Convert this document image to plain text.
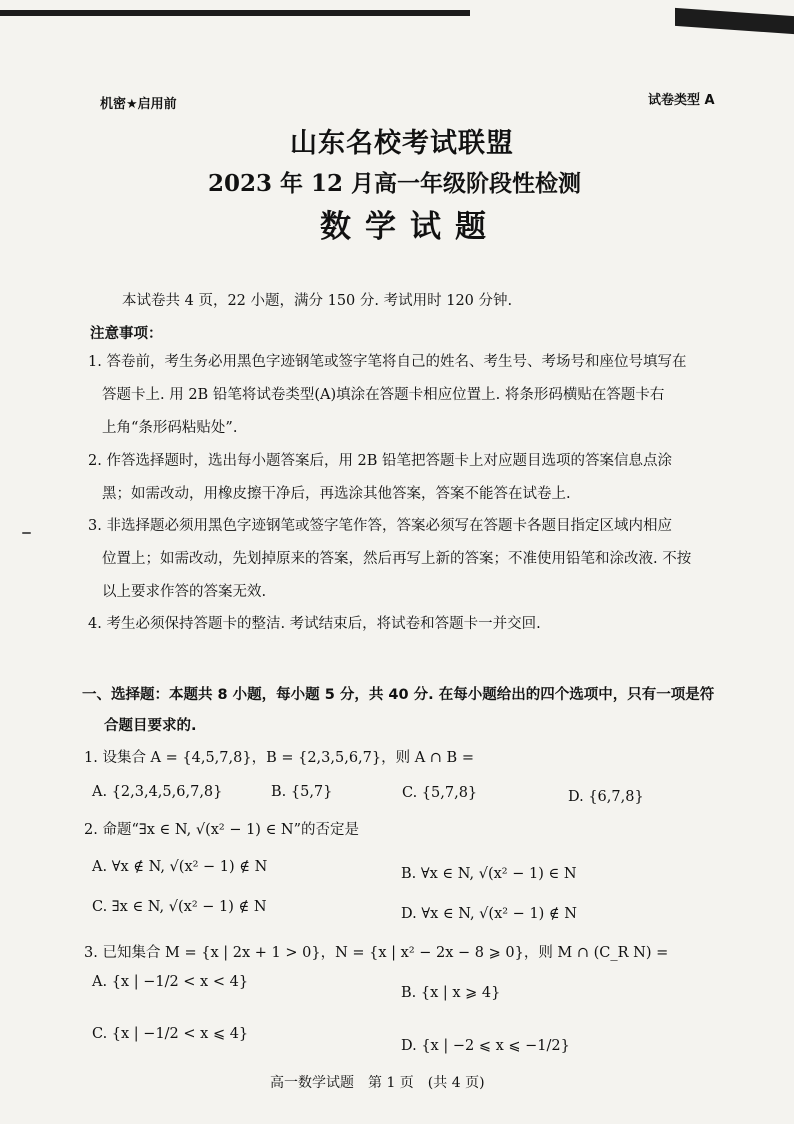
机密★启用前	试卷类型 A
山东名校考试联盟
2023 年 12 月高一年级阶段性检测
数学试题
本试卷共 4 页，22 小题，满分 150 分. 考试用时 120 分钟.
注意事项：
1. 答卷前，考生务必用黑色字迹钢笔或签字笔将自己的姓名、考生号、考场号和座位号填写在
答题卡上. 用 2B 铅笔将试卷类型(A)填涂在答题卡相应位置上. 将条形码横贴在答题卡右
上角“条形码粘贴处”.
2. 作答选择题时，选出每小题答案后，用 2B 铅笔把答题卡上对应题目选项的答案信息点涂
黑；如需改动，用橡皮擦干净后，再选涂其他答案，答案不能答在试卷上.
3. 非选择题必须用黑色字迹钢笔或签字笔作答，答案必须写在答题卡各题目指定区域内相应
位置上；如需改动，先划掉原来的答案，然后再写上新的答案；不准使用铅笔和涂改液. 不按
以上要求作答的答案无效.
4. 考生必须保持答题卡的整洁. 考试结束后，将试卷和答题卡一并交回.
一、选择题：本题共 8 小题，每小题 5 分，共 40 分. 在每小题给出的四个选项中，只有一项是符
合题目要求的.
1. 设集合 A = {4,5,7,8}，B = {2,3,5,6,7}，则 A ∩ B =
A. {2,3,4,5,6,7,8}	B. {5,7}	C. {5,7,8}	D. {6,7,8}
2. 命题“∃x ∈ N, √(x² − 1) ∈ N”的否定是
A. ∀x ∉ N, √(x² − 1) ∉ N	B. ∀x ∈ N, √(x² − 1) ∈ N
C. ∃x ∈ N, √(x² − 1) ∉ N	D. ∀x ∈ N, √(x² − 1) ∉ N
3. 已知集合 M = {x | 2x + 1 > 0}，N = {x | x² − 2x − 8 ⩾ 0}，则 M ∩ (C_R N) =
A. {x | −1/2 < x < 4}
B. {x | x ⩾ 4}
C. {x | −1/2 < x ⩽ 4}
D. {x | −2 ⩽ x ⩽ −1/2}
高一数学试题　第 1 页　(共 4 页)
